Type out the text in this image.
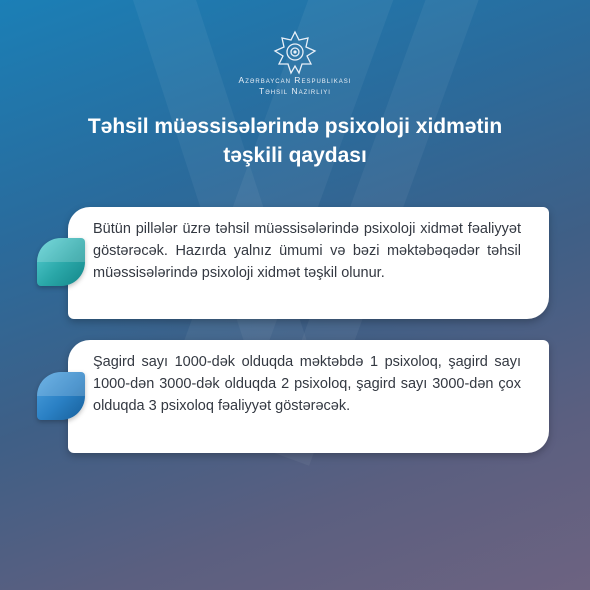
Azərbaycan Respublikası
Təhsil Nazirliyi
Təhsil müəssisələrində psixoloji xidmətin
təşkili qaydası
Bütün pillələr üzrə təhsil müəssisələrində psixoloji xidmət fəaliyyət göstərəcək. Hazırda yalnız ümumi və bəzi məktəbəqədər təhsil müəssisələrində psixoloji xidmət təşkil olunur.
Şagird sayı 1000-dək olduqda məktəbdə 1 psixoloq, şagird sayı 1000-dən 3000-dək olduqda 2 psixoloq, şagird sayı 3000-dən çox olduqda 3 psixoloq fəaliyyət göstərəcək.
